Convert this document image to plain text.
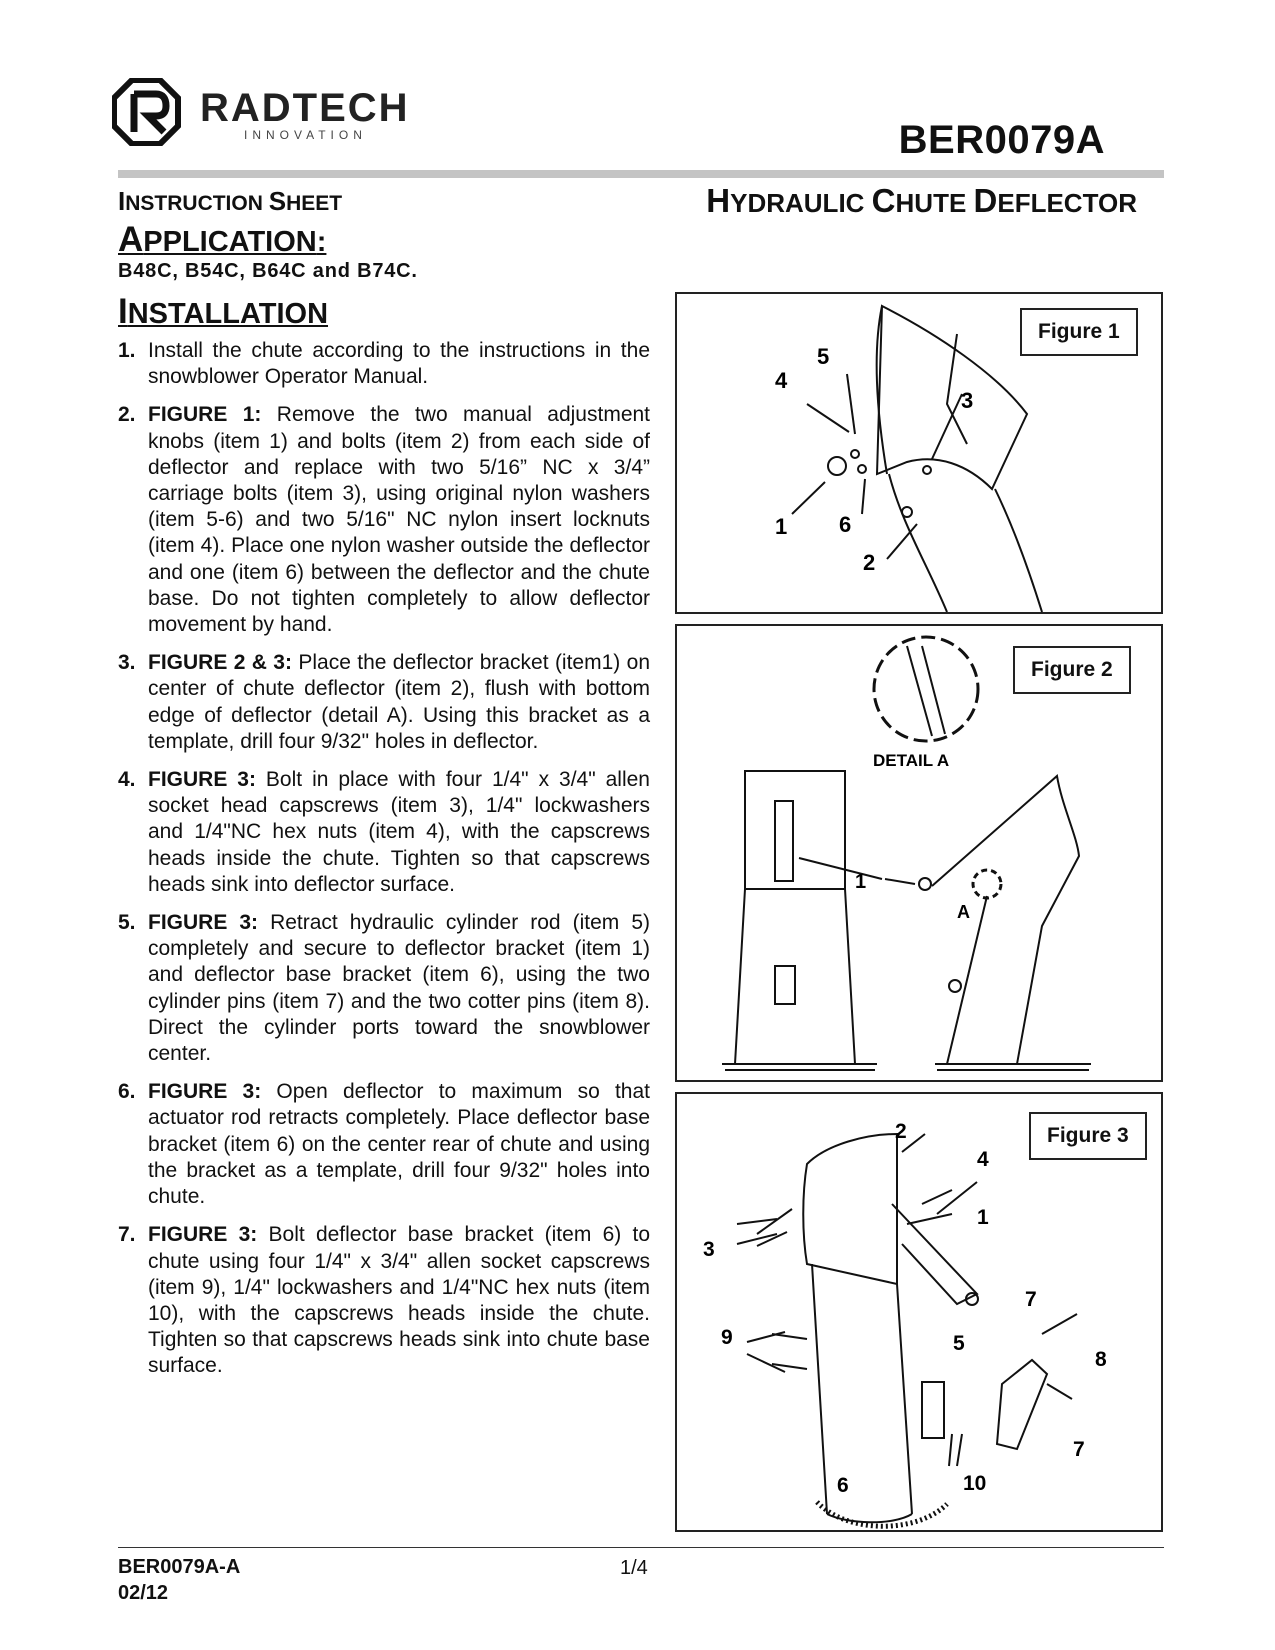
RADTECH
INNOVATION	BER0079A
INSTRUCTION SHEET	HYDRAULIC CHUTE DEFLECTOR
APPLICATION:
B48C, B54C, B64C and B74C.
INSTALLATION
1. Install the chute according to the instructions in the snowblower Operator Manual.
2. FIGURE 1: Remove the two manual adjustment knobs (item 1) and bolts (item 2) from each side of deflector and replace with two 5/16” NC x 3/4” carriage bolts (item 3), using original nylon washers (item 5-6) and two 5/16" NC nylon insert locknuts (item 4). Place one nylon washer outside the deflector and one (item 6) between the deflector and the chute base. Do not tighten completely to allow deflector movement by hand.
3. FIGURE 2 & 3: Place the deflector bracket (item1) on center of chute deflector (item 2), flush with bottom edge of deflector (detail A). Using this bracket as a template, drill four 9/32" holes in deflector.
4. FIGURE 3: Bolt in place with four 1/4" x 3/4" allen socket head capscrews (item 3), 1/4" lockwashers and 1/4"NC hex nuts (item 4), with the capscrews heads inside the chute. Tighten so that capscrews heads sink into deflector surface.
5. FIGURE 3: Retract hydraulic cylinder rod (item 5) completely and secure to deflector bracket (item 1) and deflector base bracket (item 6), using the two cylinder pins (item 7) and the two cotter pins (item 8). Direct the cylinder ports toward the snowblower center.
6. FIGURE 3: Open deflector to maximum so that actuator rod retracts completely. Place deflector base bracket (item 6) on the center rear of chute and using the bracket as a template, drill four 9/32" holes into chute.
7. FIGURE 3: Bolt deflector base bracket (item 6) to chute using four 1/4" x 3/4" allen socket capscrews (item 9), 1/4" lockwashers and 1/4"NC hex nuts (item 10), with the capscrews heads inside the chute. Tighten so that capscrews heads sink into chute base surface.
5
4
3
1 6
2
Figure 1
DETAIL A
1
A
Figure 2
2
4
1
3
7
9	5
8
7
6	10
Figure 3
BER0079A-A
02/12
1/4
